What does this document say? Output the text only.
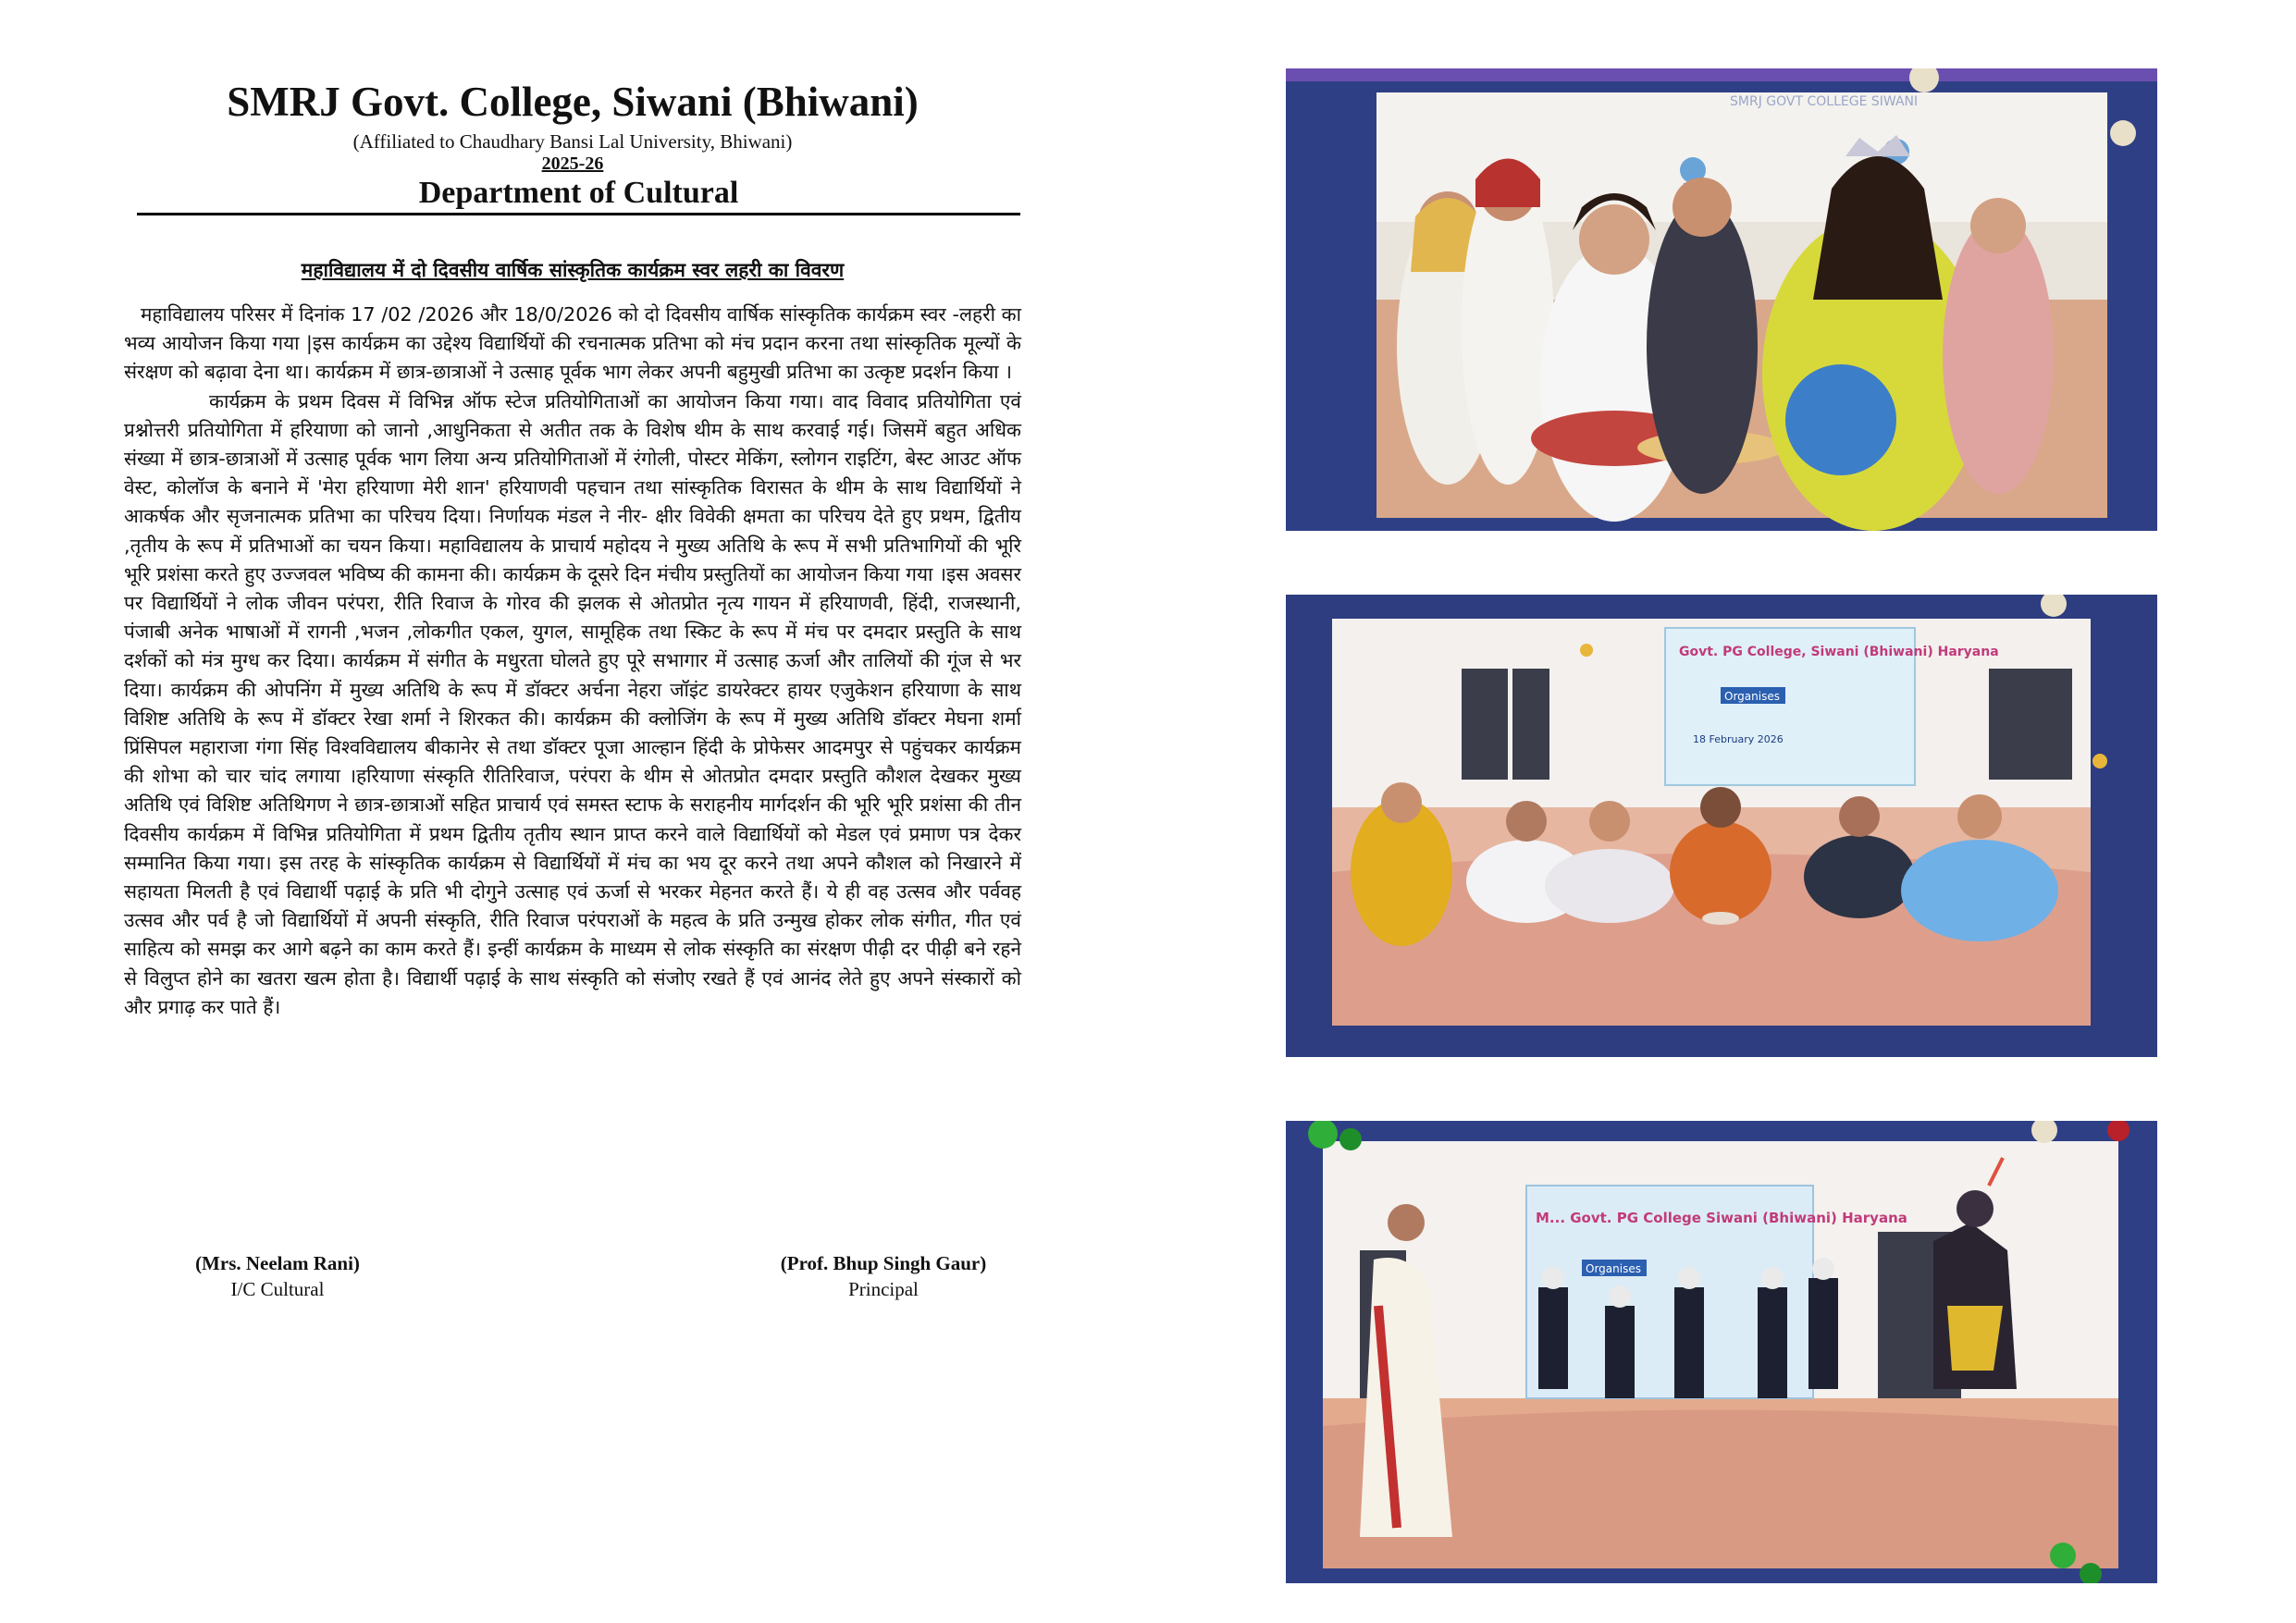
SMRJ Govt. College, Siwani (Bhiwani)
(Affiliated to Chaudhary Bansi Lal University, Bhiwani)
2025-26
Department of Cultural
महाविद्यालय में दो दिवसीय वार्षिक सांस्कृतिक कार्यक्रम स्वर लहरी का विवरण

महाविद्यालय परिसर में दिनांक 17 /02 /2026 और 18/0/2026 को दो दिवसीय वार्षिक सांस्कृतिक कार्यक्रम स्वर -लहरी का भव्य आयोजन किया गया |इस कार्यक्रम का उद्देश्य विद्यार्थियों की रचनात्मक प्रतिभा को मंच प्रदान करना तथा सांस्कृतिक मूल्यों के संरक्षण को बढ़ावा देना था। कार्यक्रम में छात्र-छात्राओं ने उत्साह पूर्वक भाग लेकर अपनी बहुमुखी प्रतिभा का उत्कृष्ट प्रदर्शन किया ।

कार्यक्रम के प्रथम दिवस में विभिन्न ऑफ स्टेज प्रतियोगिताओं का आयोजन किया गया। वाद विवाद प्रतियोगिता एवं प्रश्नोत्तरी प्रतियोगिता में हरियाणा को जानो ,आधुनिकता से अतीत तक के विशेष थीम के साथ करवाई गई। जिसमें बहुत अधिक संख्या में छात्र-छात्राओं में उत्साह पूर्वक भाग लिया अन्य प्रतियोगिताओं में रंगोली, पोस्टर मेकिंग, स्लोगन राइटिंग, बेस्ट आउट ऑफ वेस्ट, कोलॉज के बनाने में 'मेरा हरियाणा मेरी शान' हरियाणवी पहचान तथा सांस्कृतिक विरासत के थीम के साथ विद्यार्थियों ने आकर्षक और सृजनात्मक प्रतिभा का परिचय दिया। निर्णायक मंडल ने नीर- क्षीर विवेकी क्षमता का परिचय देते हुए प्रथम, द्वितीय ,तृतीय के रूप में प्रतिभाओं का चयन किया। महाविद्यालय के प्राचार्य महोदय ने मुख्य अतिथि के रूप में सभी प्रतिभागियों की भूरि भूरि प्रशंसा करते हुए उज्जवल भविष्य की कामना की। कार्यक्रम के दूसरे दिन मंचीय प्रस्तुतियों का आयोजन किया गया ।इस अवसर पर विद्यार्थियों ने लोक जीवन परंपरा, रीति रिवाज के गोरव की झलक से ओतप्रोत नृत्य गायन में हरियाणवी, हिंदी, राजस्थानी, पंजाबी अनेक भाषाओं में रागनी ,भजन ,लोकगीत एकल, युगल, सामूहिक तथा स्किट के रूप में मंच पर दमदार प्रस्तुति के साथ दर्शकों को मंत्र मुग्ध कर दिया। कार्यक्रम में संगीत के मधुरता घोलते हुए पूरे सभागार में उत्साह ऊर्जा और तालियों की गूंज से भर दिया। कार्यक्रम की ओपनिंग में मुख्य अतिथि के रूप में डॉक्टर अर्चना नेहरा जॉइंट डायरेक्टर हायर एजुकेशन हरियाणा के साथ विशिष्ट अतिथि के रूप में डॉक्टर रेखा शर्मा ने शिरकत की। कार्यक्रम की क्लोजिंग के रूप में मुख्य अतिथि डॉक्टर मेघना शर्मा प्रिंसिपल महाराजा गंगा सिंह विश्वविद्यालय बीकानेर से तथा डॉक्टर पूजा आल्हान हिंदी के प्रोफेसर आदमपुर से पहुंचकर कार्यक्रम की शोभा को चार चांद लगाया ।हरियाणा संस्कृति रीतिरिवाज, परंपरा के थीम से ओतप्रोत दमदार प्रस्तुति कौशल देखकर मुख्य अतिथि एवं विशिष्ट अतिथिगण ने छात्र-छात्राओं सहित प्राचार्य एवं समस्त स्टाफ के सराहनीय मार्गदर्शन की भूरि भूरि प्रशंसा की तीन दिवसीय कार्यक्रम में विभिन्न प्रतियोगिता में प्रथम द्वितीय तृतीय स्थान प्राप्त करने वाले विद्यार्थियों को मेडल एवं प्रमाण पत्र देकर सम्मानित किया गया। इस तरह के सांस्कृतिक कार्यक्रम से विद्यार्थियों में मंच का भय दूर करने तथा अपने कौशल को निखारने में सहायता मिलती है एवं विद्यार्थी पढ़ाई के प्रति भी दोगुने उत्साह एवं ऊर्जा से भरकर मेहनत करते हैं। ये ही वह उत्सव और पर्ववह उत्सव और पर्व है जो विद्यार्थियों में अपनी संस्कृति, रीति रिवाज परंपराओं के महत्व के प्रति उन्मुख होकर लोक संगीत, गीत एवं साहित्य को समझ कर आगे बढ़ने का काम करते हैं। इन्हीं कार्यक्रम के माध्यम से लोक संस्कृति का संरक्षण पीढ़ी दर पीढ़ी बने रहने से विलुप्त होने का खतरा खत्म होता है। विद्यार्थी पढ़ाई के साथ संस्कृति को संजोए रखते हैं एवं आनंद लेते हुए अपने संस्कारों को और प्रगाढ़ कर पाते हैं।

(Mrs. Neelam Rani)
I/C Cultural
(Prof. Bhup Singh Gaur)
Principal
SMRJ GOVT COLLEGE SIWANI
Govt. PG College, Siwani (Bhiwani) Haryana
Organises
18 February 2026
M... Govt. PG College Siwani (Bhiwani) Haryana
Organises
